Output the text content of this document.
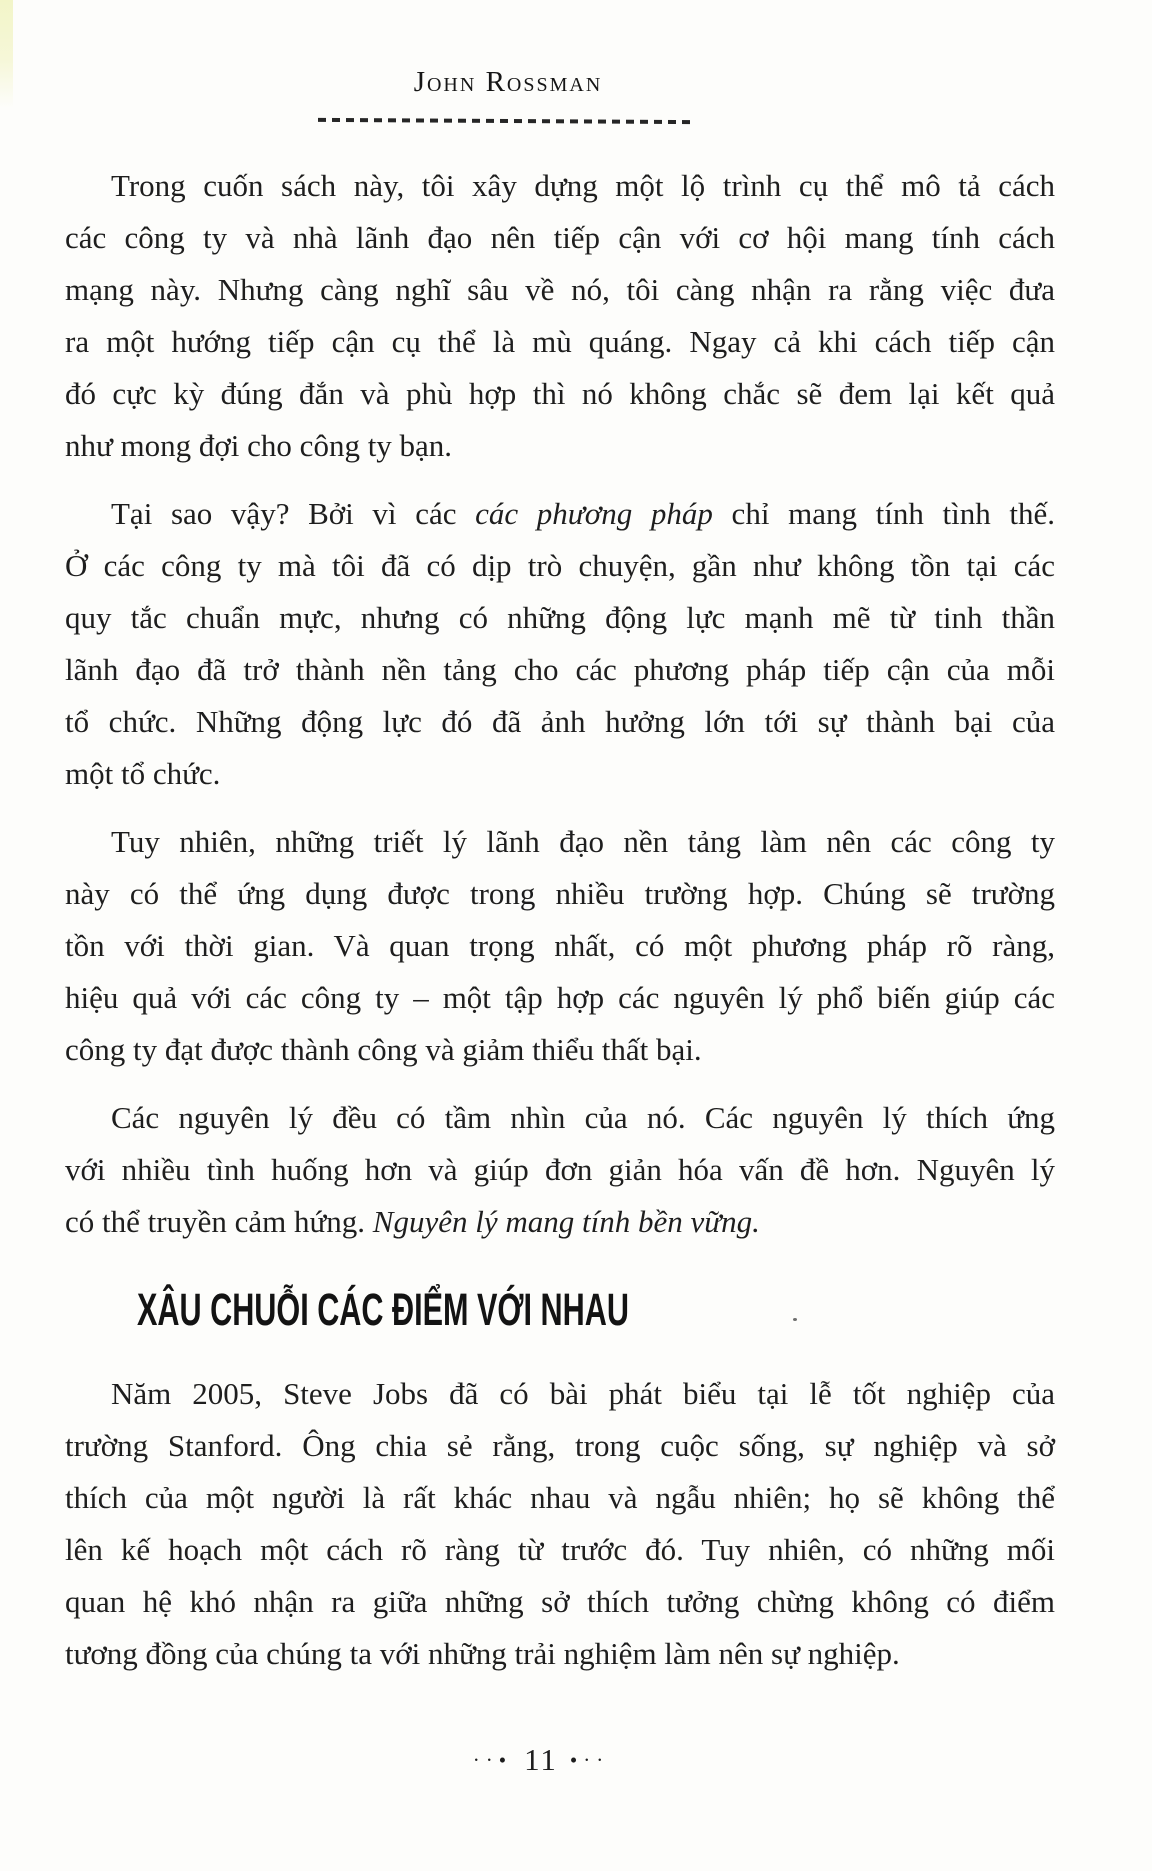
John Rossman
Trong cuốn sách này, tôi xây dựng một lộ trình cụ thể mô tả cách
các công ty và nhà lãnh đạo nên tiếp cận với cơ hội mang tính cách
mạng này. Nhưng càng nghĩ sâu về nó, tôi càng nhận ra rằng việc đưa
ra một hướng tiếp cận cụ thể là mù quáng. Ngay cả khi cách tiếp cận
đó cực kỳ đúng đắn và phù hợp thì nó không chắc sẽ đem lại kết quả
như mong đợi cho công ty bạn.
Tại sao vậy? Bởi vì các các phương pháp chỉ mang tính tình thế.
Ở các công ty mà tôi đã có dịp trò chuyện, gần như không tồn tại các
quy tắc chuẩn mực, nhưng có những động lực mạnh mẽ từ tinh thần
lãnh đạo đã trở thành nền tảng cho các phương pháp tiếp cận của mỗi
tổ chức. Những động lực đó đã ảnh hưởng lớn tới sự thành bại của
một tổ chức.
Tuy nhiên, những triết lý lãnh đạo nền tảng làm nên các công ty
này có thể ứng dụng được trong nhiều trường hợp. Chúng sẽ trường
tồn với thời gian. Và quan trọng nhất, có một phương pháp rõ ràng,
hiệu quả với các công ty – một tập hợp các nguyên lý phổ biến giúp các
công ty đạt được thành công và giảm thiểu thất bại.
Các nguyên lý đều có tầm nhìn của nó. Các nguyên lý thích ứng
với nhiều tình huống hơn và giúp đơn giản hóa vấn đề hơn. Nguyên lý
có thể truyền cảm hứng. Nguyên lý mang tính bền vững.
XÂU CHUỖI CÁC ĐIỂM VỚI NHAU
Năm 2005, Steve Jobs đã có bài phát biểu tại lễ tốt nghiệp của
trường Stanford. Ông chia sẻ rằng, trong cuộc sống, sự nghiệp và sở
thích của một người là rất khác nhau và ngẫu nhiên; họ sẽ không thể
lên kế hoạch một cách rõ ràng từ trước đó. Tuy nhiên, có những mối
quan hệ khó nhận ra giữa những sở thích tưởng chừng không có điểm
tương đồng của chúng ta với những trải nghiệm làm nên sự nghiệp.
··• 11 •··
